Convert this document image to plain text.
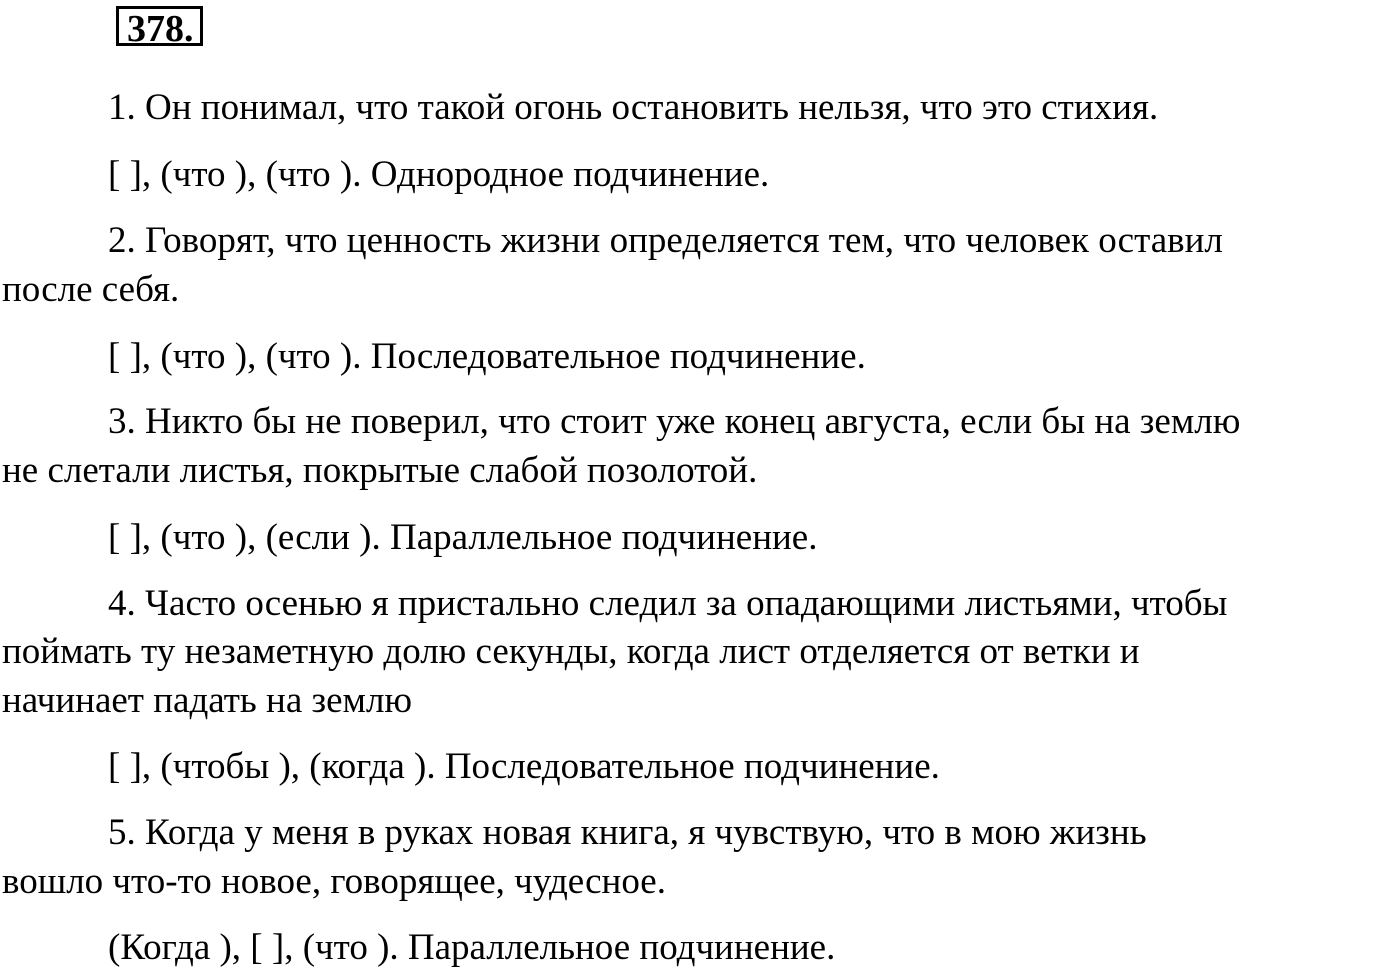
378.
1. Он понимал, что такой огонь остановить нельзя, что это стихия.
[ ], (что ), (что ). Однородное подчинение.
2. Говорят, что ценность жизни определяется тем, что человек оставил
после себя.
[ ], (что ), (что ). Последовательное подчинение.
3. Никто бы не поверил, что стоит уже конец августа, если бы на землю
не слетали листья, покрытые слабой позолотой.
[ ], (что ), (если ). Параллельное подчинение.
4. Часто осенью я пристально следил за опадающими листьями, чтобы
поймать ту незаметную долю секунды, когда лист отделяется от ветки и
начинает падать на землю
[ ], (чтобы ), (когда ). Последовательное подчинение.
5. Когда у меня в руках новая книга, я чувствую, что в мою жизнь
вошло что-то новое, говорящее, чудесное.
(Когда ), [ ], (что ). Параллельное подчинение.
